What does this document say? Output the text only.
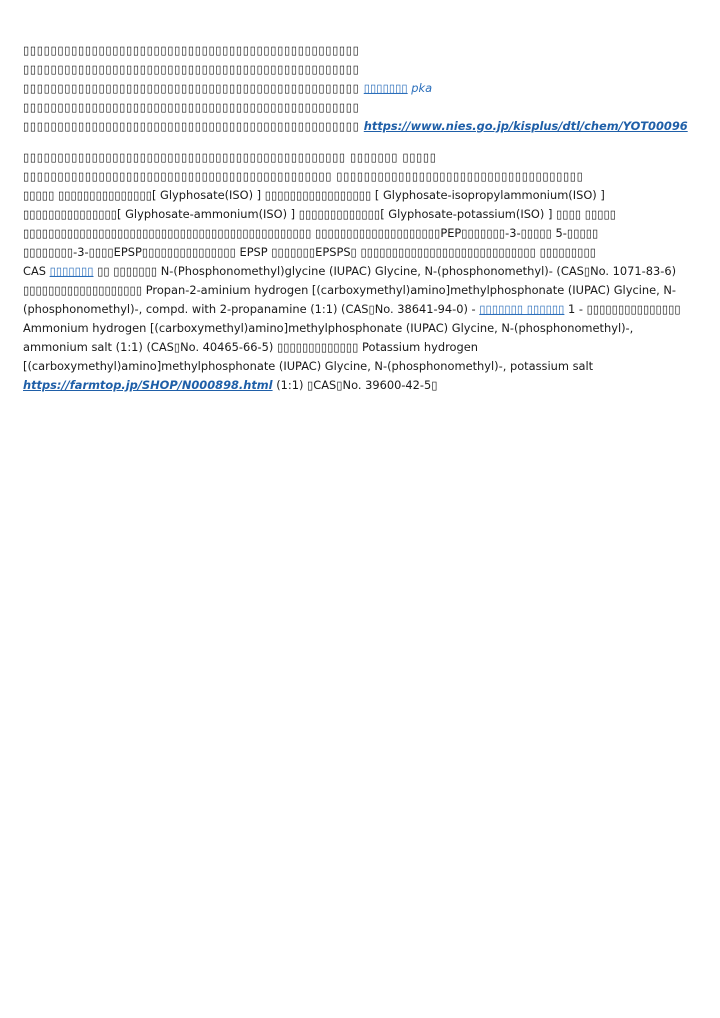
▯▯▯▯▯▯▯▯▯▯▯▯▯▯▯▯▯▯▯▯▯▯▯▯▯▯▯▯▯▯▯▯▯▯▯▯▯▯▯▯▯▯▯▯▯▯▯▯▯
▯▯▯▯▯▯▯▯▯▯▯▯▯▯▯▯▯▯▯▯▯▯▯▯▯▯▯▯▯▯▯▯▯▯▯▯▯▯▯▯▯▯▯▯▯▯▯▯▯
▯▯▯▯▯▯▯▯▯▯▯▯▯▯▯▯▯▯▯▯▯▯▯▯▯▯▯▯▯▯▯▯▯▯▯▯▯▯▯▯▯▯▯▯▯▯▯▯▯ ▯▯▯▯▯▯▯ pka
▯▯▯▯▯▯▯▯▯▯▯▯▯▯▯▯▯▯▯▯▯▯▯▯▯▯▯▯▯▯▯▯▯▯▯▯▯▯▯▯▯▯▯▯▯▯▯▯▯
▯▯▯▯▯▯▯▯▯▯▯▯▯▯▯▯▯▯▯▯▯▯▯▯▯▯▯▯▯▯▯▯▯▯▯▯▯▯▯▯▯▯▯▯▯▯▯▯▯ https://www.nies.go.jp/kisplus/dtl/chem/YOT00096

▯▯▯▯▯▯▯▯▯▯▯▯▯▯▯▯▯▯▯▯▯▯▯▯▯▯▯▯▯▯▯▯▯▯▯▯▯▯▯▯▯▯▯▯▯▯▯ ▯▯▯▯▯▯▯ ▯▯▯▯▯
▯▯▯▯▯▯▯▯▯▯▯▯▯▯▯▯▯▯▯▯▯▯▯▯▯▯▯▯▯▯▯▯▯▯▯▯▯▯▯▯▯▯▯▯▯ ▯▯▯▯▯▯▯▯▯▯▯▯▯▯▯▯▯▯▯▯▯▯▯▯▯▯▯▯▯▯▯▯▯▯▯▯
▯▯▯▯▯ ▯▯▯▯▯▯▯▯▯▯▯▯▯▯▯[ Glyphosate(ISO) ] ▯▯▯▯▯▯▯▯▯▯▯▯▯▯▯▯▯ [ Glyphosate-isopropylammonium(ISO) ]
▯▯▯▯▯▯▯▯▯▯▯▯▯▯▯[ Glyphosate-ammonium(ISO) ] ▯▯▯▯▯▯▯▯▯▯▯▯▯[ Glyphosate-potassium(ISO) ] ▯▯▯▯ ▯▯▯▯▯
▯▯▯▯▯▯▯▯▯▯▯▯▯▯▯▯▯▯▯▯▯▯▯▯▯▯▯▯▯▯▯▯▯▯▯▯▯▯▯▯▯▯▯▯▯▯ ▯▯▯▯▯▯▯▯▯▯▯▯▯▯▯▯▯▯▯▯PEP▯▯▯▯▯▯▯-3-▯▯▯▯▯ 5-▯▯▯▯▯
▯▯▯▯▯▯▯▯-3-▯▯▯▯EPSP▯▯▯▯▯▯▯▯▯▯▯▯▯▯▯ EPSP ▯▯▯▯▯▯▯EPSPS▯ ▯▯▯▯▯▯▯▯▯▯▯▯▯▯▯▯▯▯▯▯▯▯▯▯▯▯▯▯ ▯▯▯▯▯▯▯▯▯
CAS ▯▯▯▯▯▯▯ ▯▯ ▯▯▯▯▯▯▯ N-(Phosphonomethyl)glycine (IUPAC) Glycine, N-(phosphonomethyl)- (CAS▯No. 1071-83-6) ▯▯▯▯▯▯▯▯▯▯▯▯▯▯▯▯▯▯▯ Propan-2-aminium hydrogen [(carboxymethyl)amino]methylphosphonate (IUPAC) Glycine, N-(phosphonomethyl)-, compd. with 2-propanamine (1:1) (CAS▯No. 38641-94-0) - ▯▯▯▯▯▯▯ ▯▯▯▯▯▯ 1 - ▯▯▯▯▯▯▯▯▯▯▯▯▯▯▯ Ammonium hydrogen [(carboxymethyl)amino]methylphosphonate (IUPAC) Glycine, N-(phosphonomethyl)-, ammonium salt (1:1) (CAS▯No. 40465-66-5) ▯▯▯▯▯▯▯▯▯▯▯▯▯ Potassium hydrogen [(carboxymethyl)amino]methylphosphonate (IUPAC) Glycine, N-(phosphonomethyl)-, potassium salt https://farmtop.jp/SHOP/N000898.html (1:1) ▯CAS▯No. 39600-42-5▯
